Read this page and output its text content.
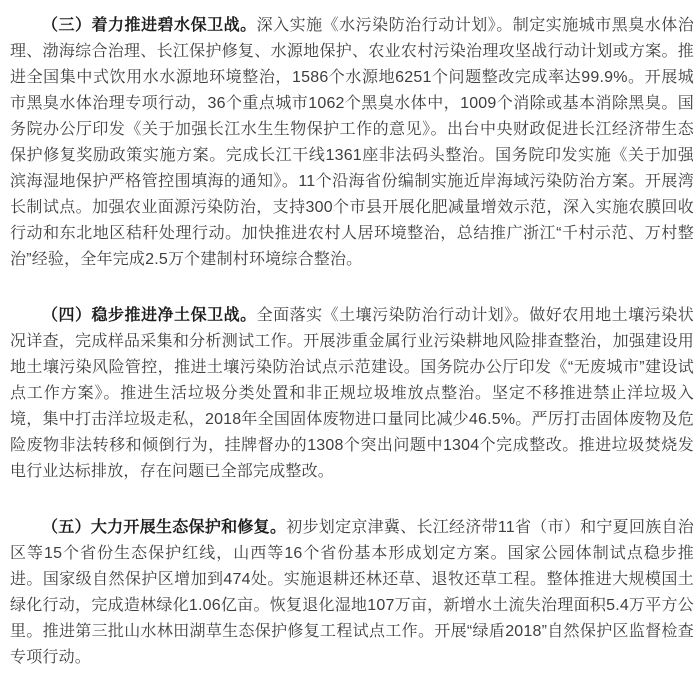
（三）着力推进碧水保卫战。深入实施《水污染防治行动计划》。制定实施城市黑臭水体治理、渤海综合治理、长江保护修复、水源地保护、农业农村污染治理攻坚战行动计划或方案。推进全国集中式饮用水水源地环境整治，1586个水源地6251个问题整改完成率达99.9%。开展城市黑臭水体治理专项行动，36个重点城市1062个黑臭水体中，1009个消除或基本消除黑臭。国务院办公厅印发《关于加强长江水生生物保护工作的意见》。出台中央财政促进长江经济带生态保护修复奖励政策实施方案。完成长江干线1361座非法码头整治。国务院印发实施《关于加强滨海湿地保护严格管控围填海的通知》。11个沿海省份编制实施近岸海域污染防治方案。开展湾长制试点。加强农业面源污染防治，支持300个市县开展化肥减量增效示范，深入实施农膜回收行动和东北地区秸秆处理行动。加快推进农村人居环境整治，总结推广浙江“千村示范、万村整治”经验，全年完成2.5万个建制村环境综合整治。

（四）稳步推进净土保卫战。全面落实《土壤污染防治行动计划》。做好农用地土壤污染状况详查，完成样品采集和分析测试工作。开展涉重金属行业污染耕地风险排查整治，加强建设用地土壤污染风险管控，推进土壤污染防治试点示范建设。国务院办公厅印发《“无废城市”建设试点工作方案》。推进生活垃圾分类处置和非正规垃圾堆放点整治。坚定不移推进禁止洋垃圾入境，集中打击洋垃圾走私，2018年全国固体废物进口量同比减少46.5%。严厉打击固体废物及危险废物非法转移和倾倒行为，挂牌督办的1308个突出问题中1304个完成整改。推进垃圾焚烧发电行业达标排放，存在问题已全部完成整改。

（五）大力开展生态保护和修复。初步划定京津冀、长江经济带11省（市）和宁夏回族自治区等15个省份生态保护红线，山西等16个省份基本形成划定方案。国家公园体制试点稳步推进。国家级自然保护区增加到474处。实施退耕还林还草、退牧还草工程。整体推进大规模国土绿化行动，完成造林绿化1.06亿亩。恢复退化湿地107万亩，新增水土流失治理面积5.4万平方公里。推进第三批山水林田湖草生态保护修复工程试点工作。开展“绿盾2018”自然保护区监督检查专项行动。
